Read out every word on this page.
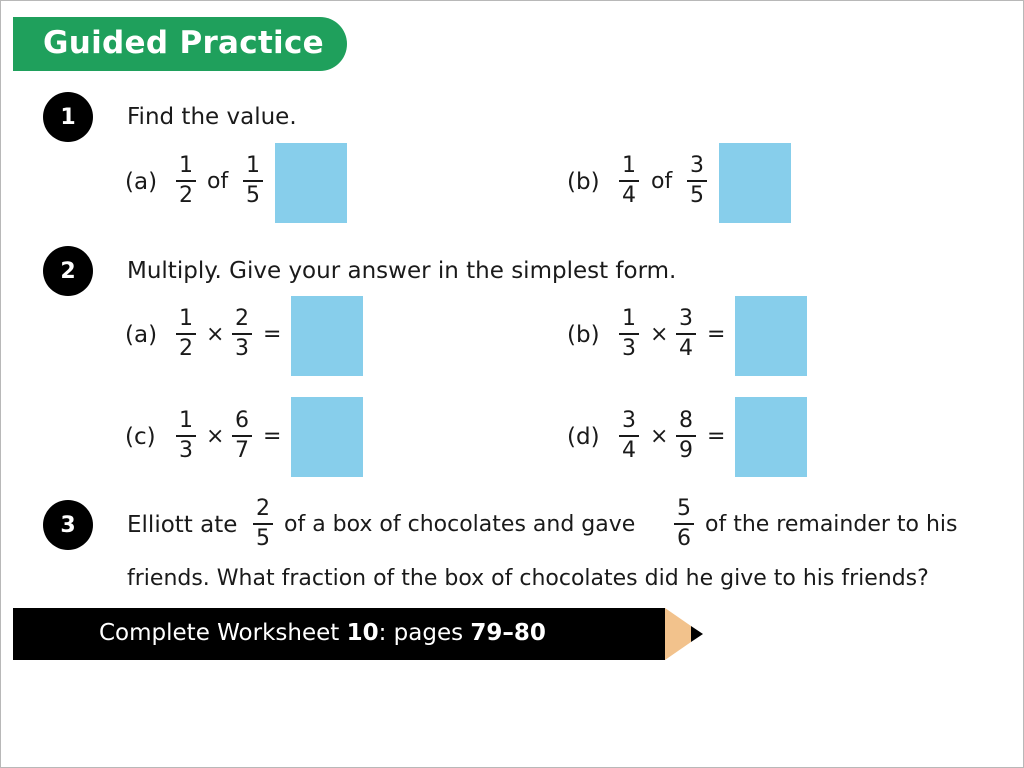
Guided Practice
1	Find the value.
(a)
1
2
of
1
5
(b)
1
4
of
3
5
2	Multiply. Give your answer in the simplest form.
(a)
1
2
×
2
3
=	(b)
1
3
×
3
4
=
(c)
1
3
×
6
7
=	(d)
3
4
×
8
9
=
3	Elliott ate
2
5
of a box of chocolates and gave
5
6
of the remainder to his
friends. What fraction of the box of chocolates did he give to his friends?
Complete Worksheet 10: pages 79–80
